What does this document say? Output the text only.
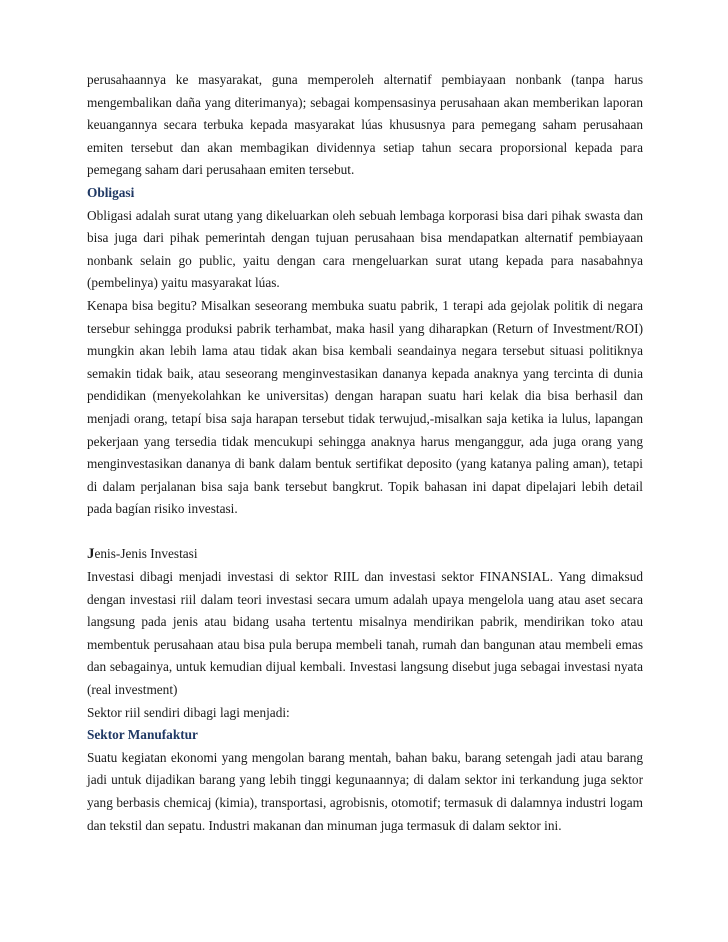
perusahaannya ke masyarakat, guna memperoleh alternatif pembiayaan nonbank (tanpa harus mengembalikan daña yang diterimanya); sebagai kompensasinya perusahaan akan memberikan laporan keuangannya secara terbuka kepada masyarakat lúas khususnya para pemegang saham perusahaan emiten tersebut dan akan membagikan dividennya setiap tahun secara proporsional kepada para pemegang saham dari perusahaan emiten tersebut.

Obligasi

Obligasi adalah surat utang yang dikeluarkan oleh sebuah lembaga korporasi bisa dari pihak swasta dan bisa juga dari pihak pemerintah dengan tujuan perusahaan bisa mendapatkan alternatif pembiayaan nonbank selain go public, yaitu dengan cara rnengeluarkan surat utang kepada para nasabahnya (pembelinya) yaitu masyarakat lúas.

Kenapa bisa begitu? Misalkan seseorang membuka suatu pabrik, 1 terapi ada gejolak politik di negara tersebur sehingga produksi pabrik terhambat, maka hasil yang diharapkan (Return of Investment/ROI) mungkin akan lebih lama atau tidak akan bisa kembali seandainya negara tersebut situasi politiknya semakin tidak baik, atau seseorang menginvestasikan dananya kepada anaknya yang tercinta di dunia pendidikan (menyekolahkan ke universitas) dengan harapan suatu hari kelak dia bisa berhasil dan menjadi orang, tetapí bisa saja harapan tersebut tidak terwujud,-misalkan saja ketika ia lulus, lapangan pekerjaan yang tersedia tidak mencukupi sehingga anaknya harus menganggur, ada juga orang yang menginvestasikan dananya di bank dalam bentuk sertifikat deposito (yang katanya paling aman), tetapi di dalam perjalanan bisa saja bank tersebut bangkrut. Topik bahasan ini dapat dipelajari lebih detail pada bagían risiko investasi.

Jenis-Jenis Investasi

Investasi dibagi menjadi investasi di sektor RIIL dan investasi sektor FINANSIAL. Yang dimaksud dengan investasi riil dalam teori investasi secara umum adalah upaya mengelola uang atau aset secara langsung pada jenis atau bidang usaha tertentu misalnya mendirikan pabrik, mendirikan toko atau membentuk perusahaan atau bisa pula berupa membeli tanah, rumah dan bangunan atau membeli emas dan sebagainya, untuk kemudian dijual kembali. Investasi langsung disebut juga sebagai investasi nyata (real investment)

Sektor riil sendiri dibagi lagi menjadi:

Sektor Manufaktur

Suatu kegiatan ekonomi yang mengolan barang mentah, bahan baku, barang setengah jadi atau barang jadi untuk dijadikan barang yang lebih tinggi kegunaannya; di dalam sektor ini terkandung juga sektor yang berbasis chemicaj (kimia), transportasi, agrobisnis, otomotif; termasuk di dalamnya industri logam dan tekstil dan sepatu. Industri makanan dan minuman juga termasuk di dalam sektor ini.
